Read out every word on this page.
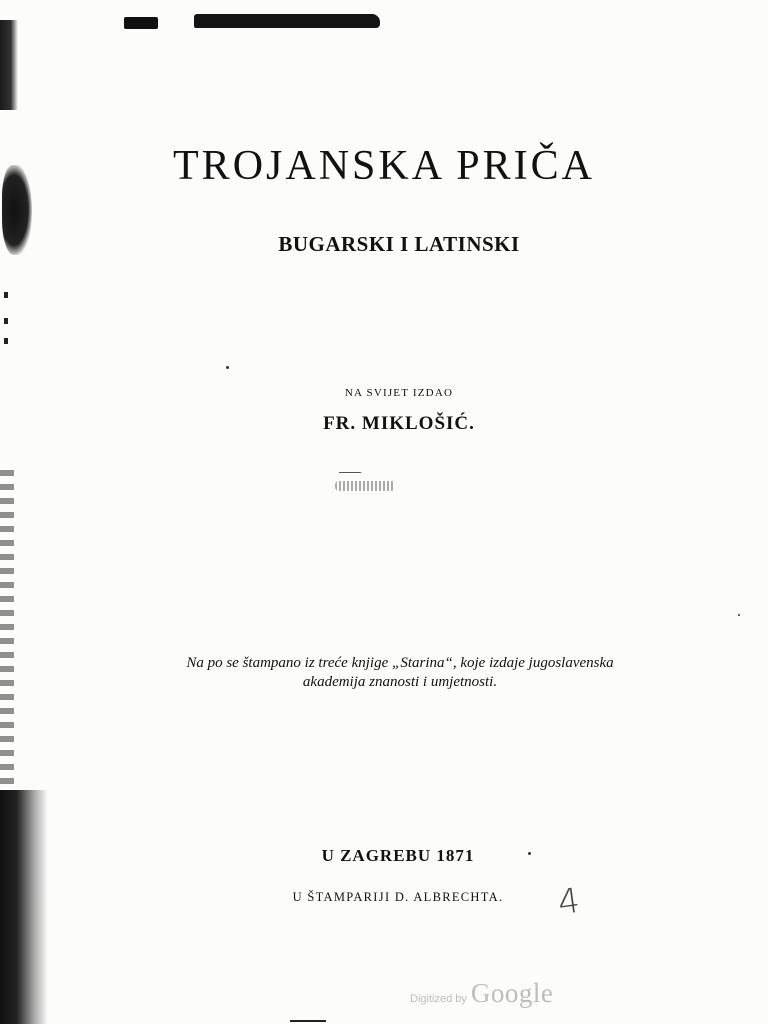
TROJANSKA PRIČA
BUGARSKI I LATINSKI

NA SVIJET IZDAO

FR. MIKLOŠIĆ.

Na po se štampano iz treće knjige „Starina“, koje izdaje jugoslavenska
akademija znanosti i umjetnosti.

U ZAGREBU 1871

U ŠTAMPARIJI D. ALBRECHTA.	4
Digitized by Google
